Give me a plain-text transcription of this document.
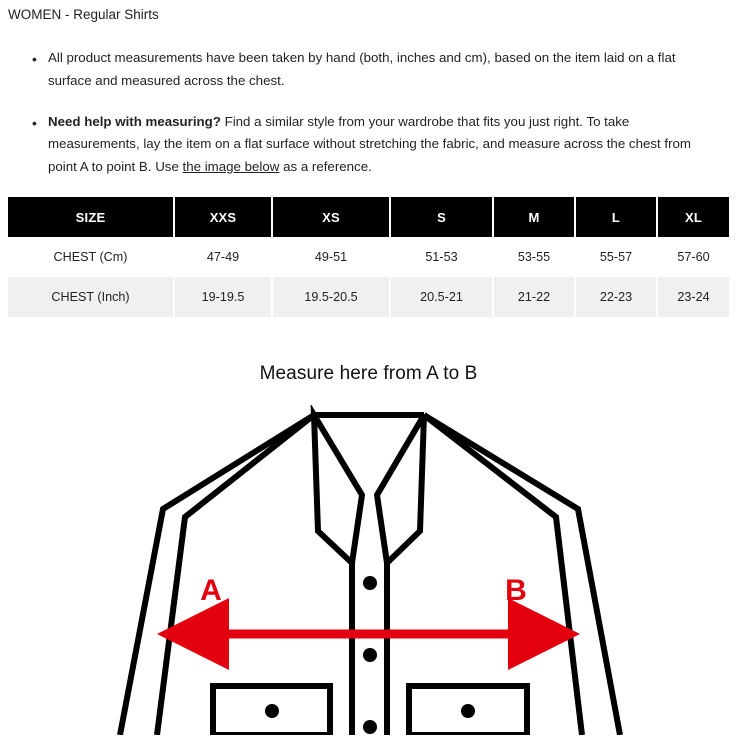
WOMEN - Regular Shirts
• All product measurements have been taken by hand (both, inches and cm), based on the item laid on a flat surface and measured across the chest.
• Need help with measuring? Find a similar style from your wardrobe that fits you just right. To take measurements, lay the item on a flat surface without stretching the fabric, and measure across the chest from point A to point B. Use the image below as a reference.
SIZE	XXS	XS	S	M	L	XL
CHEST (Cm)	47-49	49-51	51-53	53-55	55-57	57-60
CHEST (Inch)	19-19.5	19.5-20.5	20.5-21	21-22	22-23	23-24
Measure here from A to B
A	B
